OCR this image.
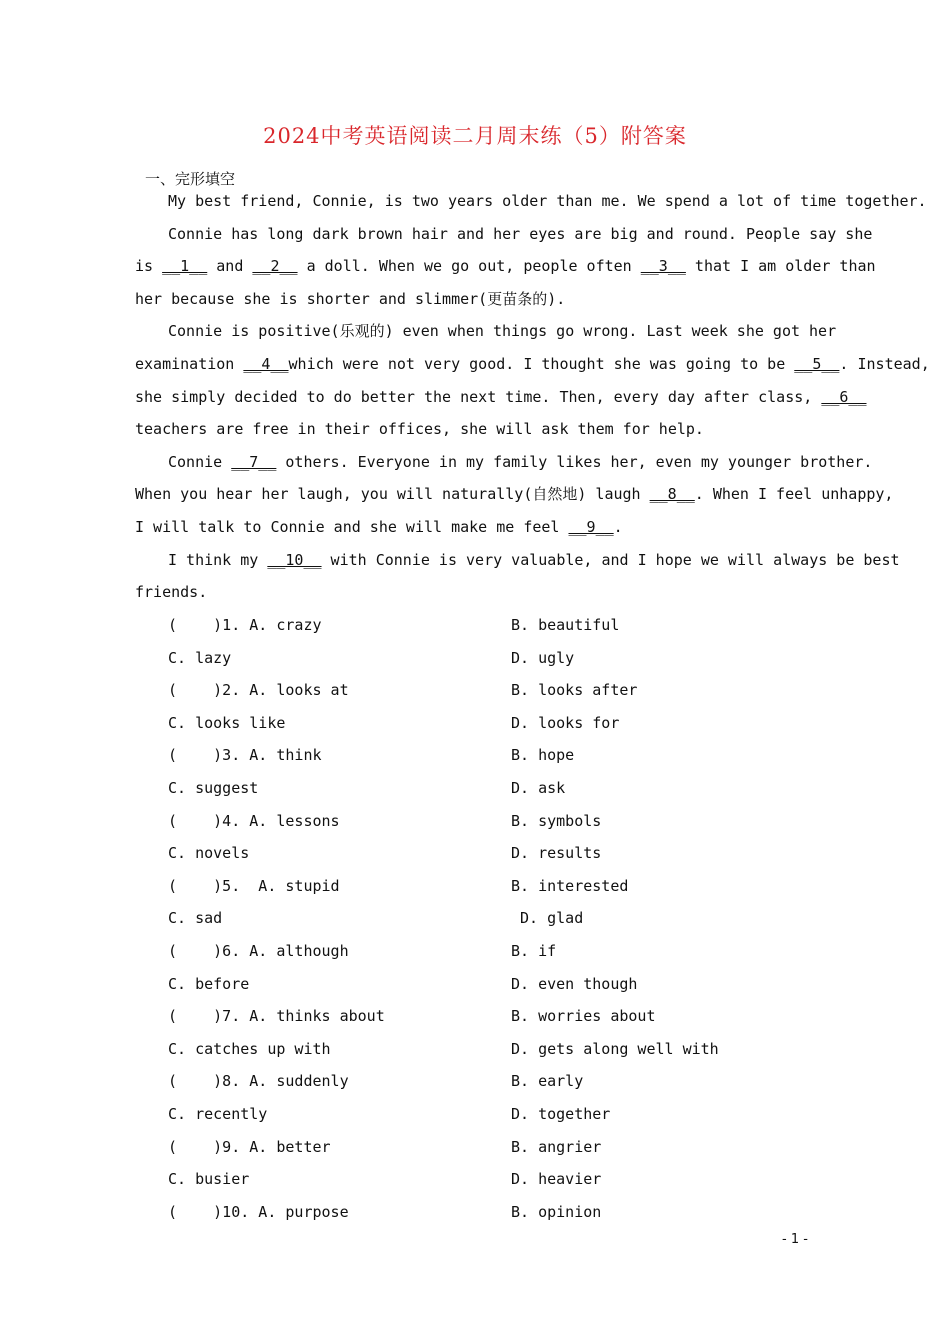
2024中考英语阅读二月周末练（5）附答案
一、完形填空
My best friend, Connie, is two years older than me. We spend a lot of time together.
Connie has long dark brown hair and her eyes are big and round. People say she
is __1__ and __2__ a doll. When we go out, people often __3__ that I am older than
her because she is shorter and slimmer(更苗条的).
Connie is positive(乐观的) even when things go wrong. Last week she got her
examination __4__ which were not very good. I thought she was going to be __5__ . Instead,
she simply decided to do better the next time. Then, every day after class, __6__
teachers are free in their offices, she will ask them for help.
Connie __7__ others. Everyone in my family likes her, even my younger brother.
When you hear her laugh, you will naturally(自然地) laugh __8__ . When I feel unhappy,
I will talk to Connie and she will make me feel __9__ .
I think my __10__ with Connie is very valuable, and I hope we will always be best
friends.
(    )1. A. crazy	B. beautiful
C. lazy	D. ugly
(    )2. A. looks at	B. looks after
C. looks like	D. looks for
(    )3. A. think	B. hope
C. suggest	D. ask
(    )4. A. lessons	B. symbols
C. novels	D. results
(    )5.  A. stupid	B. interested
C. sad	D. glad
(    )6. A. although	B. if
C. before	D. even though
(    )7. A. thinks about	B. worries about
C. catches up with	D. gets along well with
(    )8. A. suddenly	B. early
C. recently	D. together
(    )9. A. better	B. angrier
C. busier	D. heavier
(    )10. A. purpose	B. opinion
- 1 -
